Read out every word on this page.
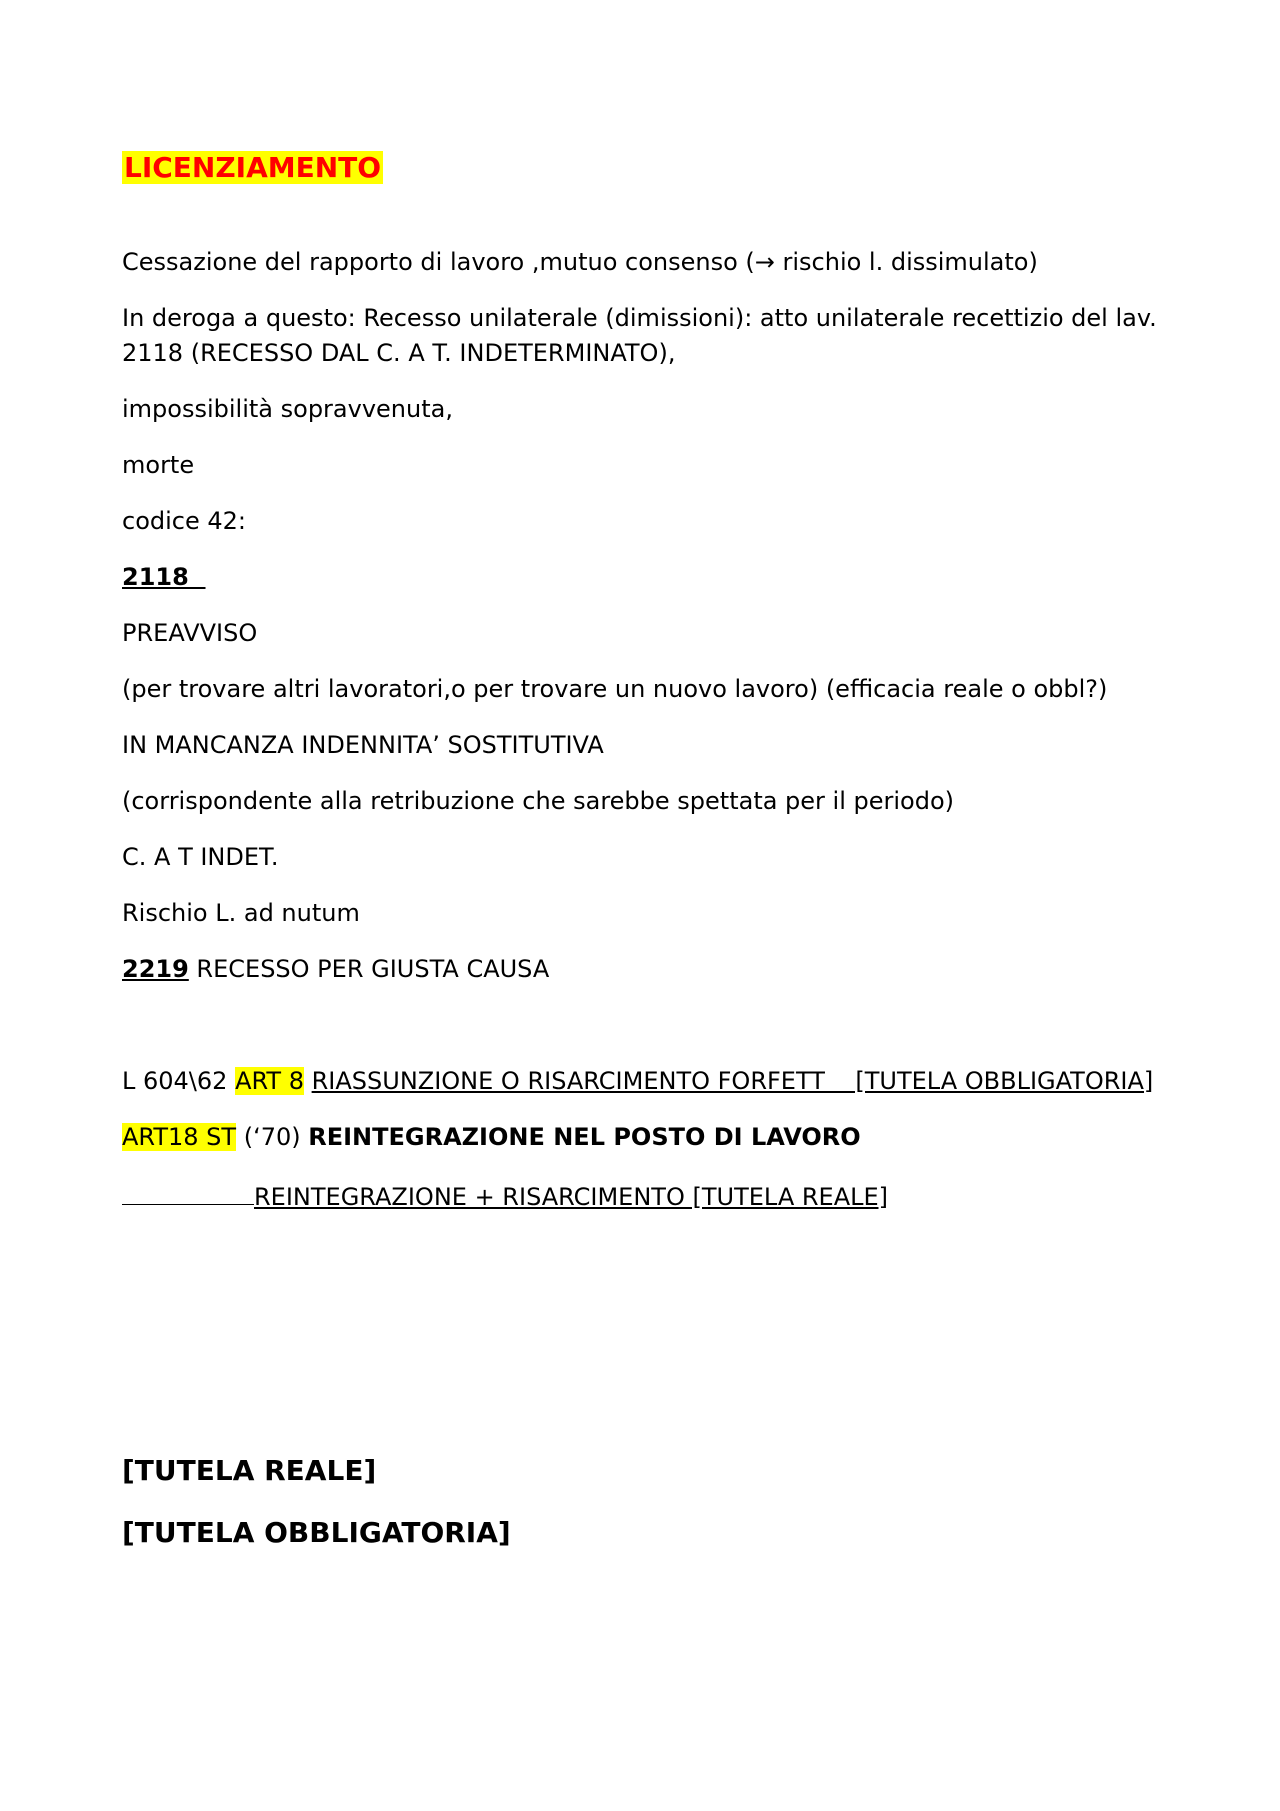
LICENZIAMENTO

Cessazione del rapporto di lavoro ,mutuo consenso (→ rischio l. dissimulato)

In deroga a questo: Recesso unilaterale (dimissioni): atto unilaterale recettizio del lav. 2118 (RECESSO DAL C. A T. INDETERMINATO),

impossibilità sopravvenuta,

morte

codice 42:

2118

PREAVVISO

(per trovare altri lavoratori,o per trovare un nuovo lavoro) (efficacia reale o obbl?)

IN MANCANZA INDENNITA’ SOSTITUTIVA

(corrispondente alla retribuzione che sarebbe spettata per il periodo)

C. A T INDET.

Rischio L. ad nutum

2219 RECESSO PER GIUSTA CAUSA

L 604\62 ART 8 RIASSUNZIONE O RISARCIMENTO FORFETT    [TUTELA OBBLIGATORIA]

ART18 ST (‘70) REINTEGRAZIONE NEL POSTO DI LAVORO

REINTEGRAZIONE + RISARCIMENTO [TUTELA REALE]

[TUTELA REALE]

[TUTELA OBBLIGATORIA]
